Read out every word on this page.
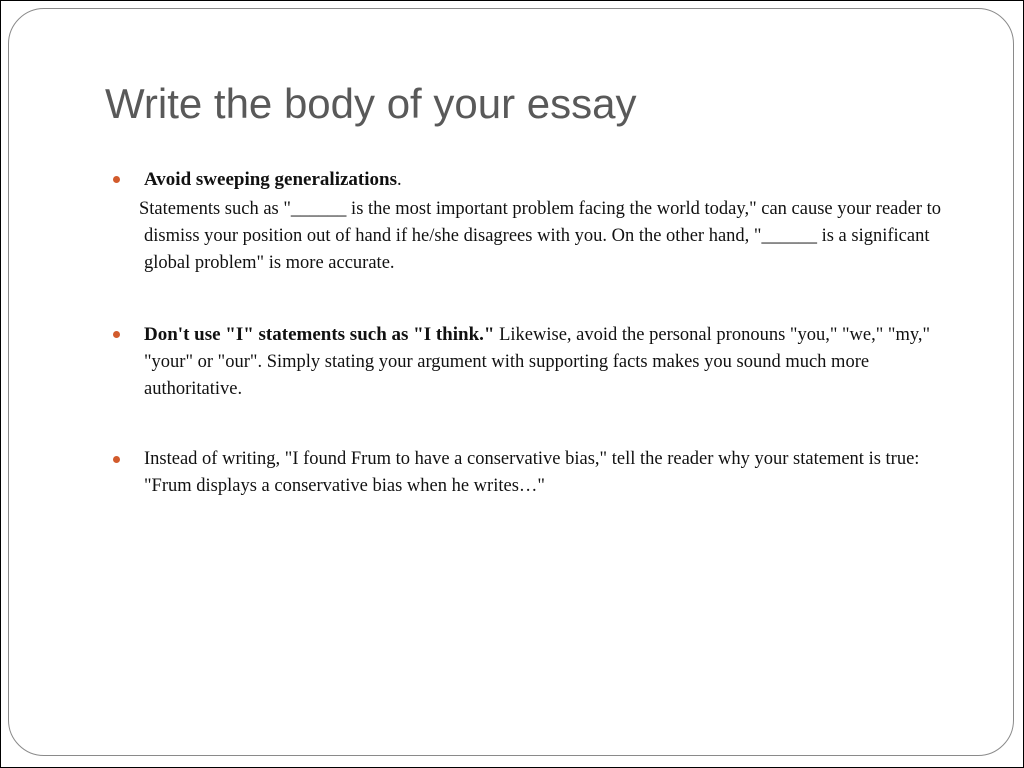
Write the body of your essay
Avoid sweeping generalizations.

Statements such as "______ is the most important problem facing the world today," can cause your reader to dismiss your position out of hand if he/she disagrees with you. On the other hand, "______ is a significant global problem" is more accurate.

Don't use "I" statements such as "I think." Likewise, avoid the personal pronouns "you," "we," "my," "your" or "our". Simply stating your argument with supporting facts makes you sound much more authoritative.
Instead of writing, "I found Frum to have a conservative bias," tell the reader why your statement is true: "Frum displays a conservative bias when he writes…"
